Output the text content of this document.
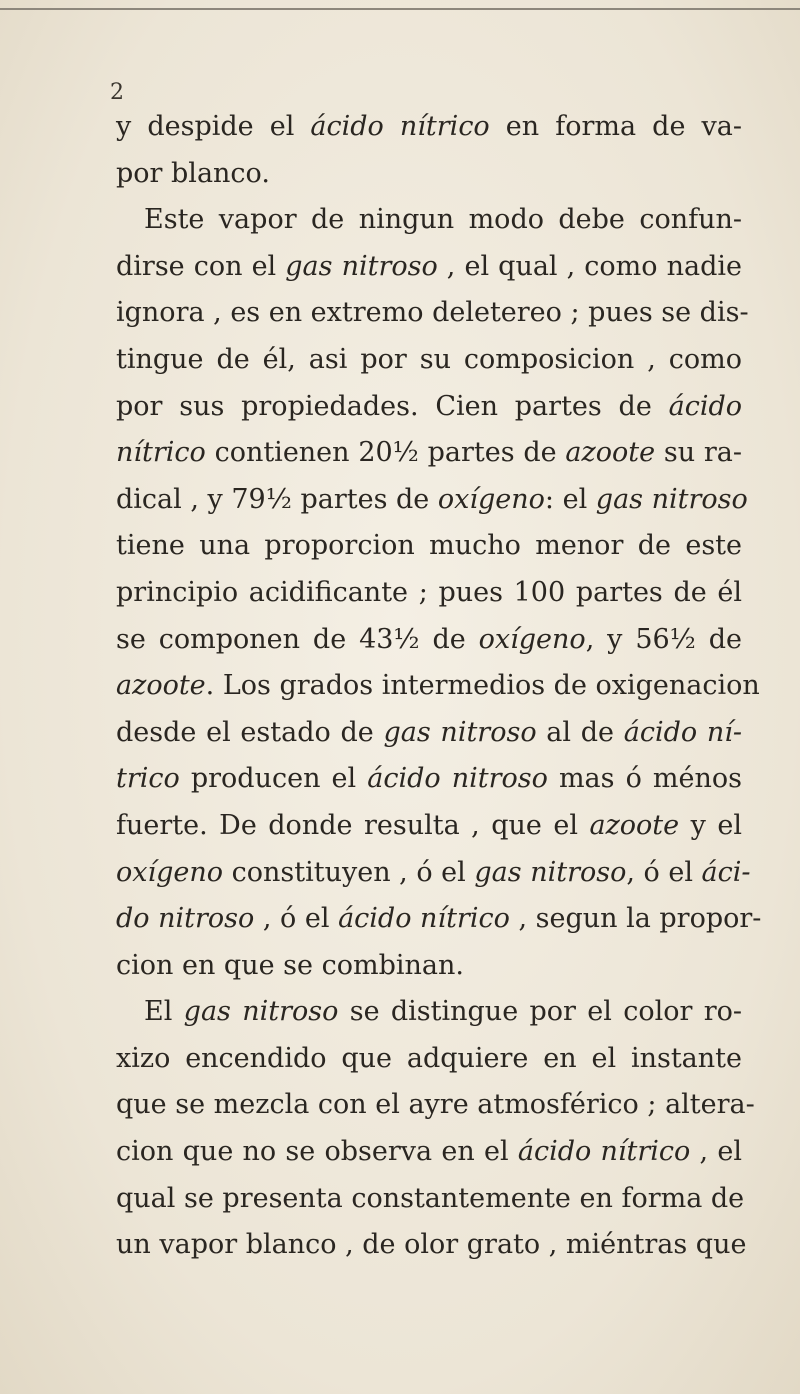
2
y despide el ácido nítrico en forma de va-
por blanco.
Este vapor de ningun modo debe confun-
dirse con el gas nitroso , el qual , como nadie
ignora , es en extremo deletereo ; pues se dis-
tingue de él, asi por su composicion , como
por sus propiedades. Cien partes de ácido
nítrico contienen 20½ partes de azoote su ra-
dical , y 79½ partes de oxígeno: el gas nitroso
tiene una proporcion mucho menor de este
principio acidificante ; pues 100 partes de él
se componen de 43½ de oxígeno, y 56½ de
azoote. Los grados intermedios de oxigenacion
desde el estado de gas nitroso al de ácido ní-
trico producen el ácido nitroso mas ó ménos
fuerte. De donde resulta , que el azoote y el
oxígeno constituyen , ó el gas nitroso, ó el áci-
do nitroso , ó el ácido nítrico , segun la propor-
cion en que se combinan.
El gas nitroso se distingue por el color ro-
xizo encendido que adquiere en el instante
que se mezcla con el ayre atmosférico ; altera-
cion que no se observa en el ácido nítrico , el
qual se presenta constantemente en forma de
un vapor blanco , de olor grato , miéntras que
